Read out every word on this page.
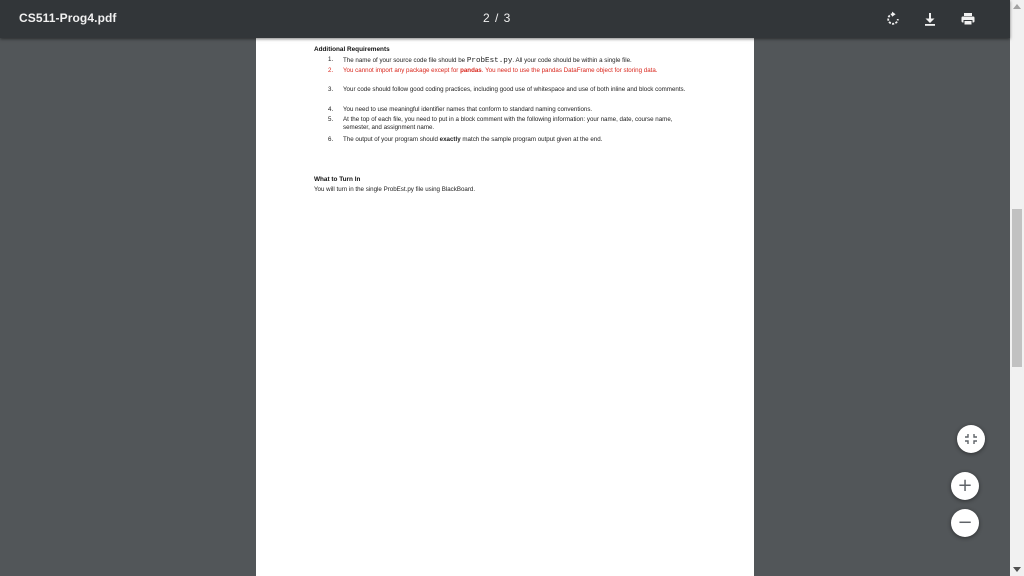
CS511-Prog4.pdf	2 / 3
Additional Requirements
1. The name of your source code file should be ProbEst.py. All your code should be within a single file.
2. You cannot import any package except for pandas. You need to use the pandas DataFrame object for storing data.
3. Your code should follow good coding practices, including good use of whitespace and use of both inline and block comments.
4. You need to use meaningful identifier names that conform to standard naming conventions.
5. At the top of each file, you need to put in a block comment with the following information: your name, date, course name, semester, and assignment name.
6. The output of your program should exactly match the sample program output given at the end.
What to Turn In
You will turn in the single ProbEst.py file using BlackBoard.
+
−
